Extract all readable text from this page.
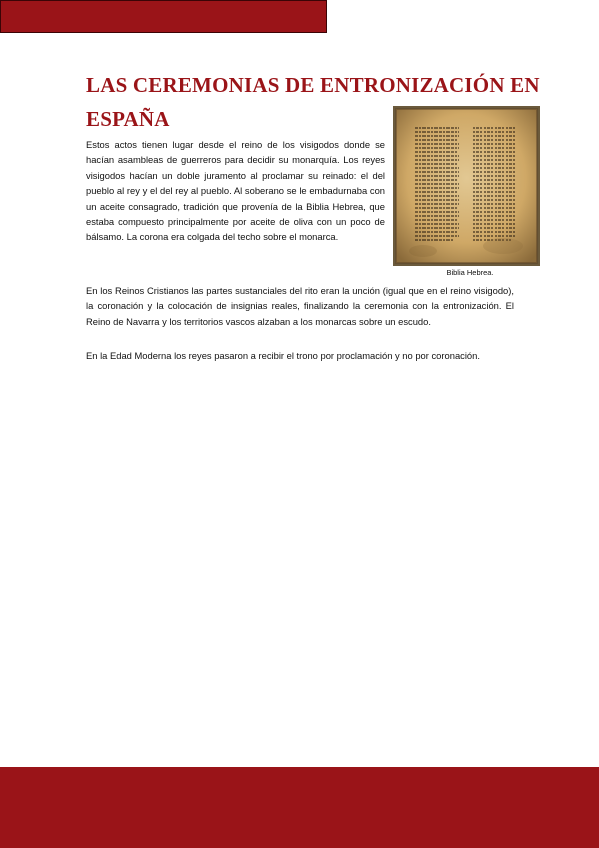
LAS CEREMONIAS DE ENTRONIZACIÓN EN ESPAÑA

Biblia Hebrea.

Estos actos tienen lugar desde el reino de los visigodos donde se hacían asambleas de guerreros para decidir su monarquía. Los reyes visigodos hacían un doble juramento al proclamar su reinado: el del pueblo al rey y el del rey al pueblo. Al soberano se le embadurnaba con un aceite consagrado, tradición que provenía de la Biblia Hebrea, que estaba compuesto principalmente por aceite de oliva con un poco de bálsamo. La corona era colgada del techo sobre el monarca.

En los Reinos Cristianos las partes sustanciales del rito eran la unción (igual que en el reino visigodo), la coronación y la colocación de insignias reales, finalizando la ceremonia con la entronización. El Reino de Navarra y los territorios vascos alzaban a los monarcas sobre un escudo.

En la Edad Moderna los reyes pasaron a recibir el trono por proclamación y no por coronación.
